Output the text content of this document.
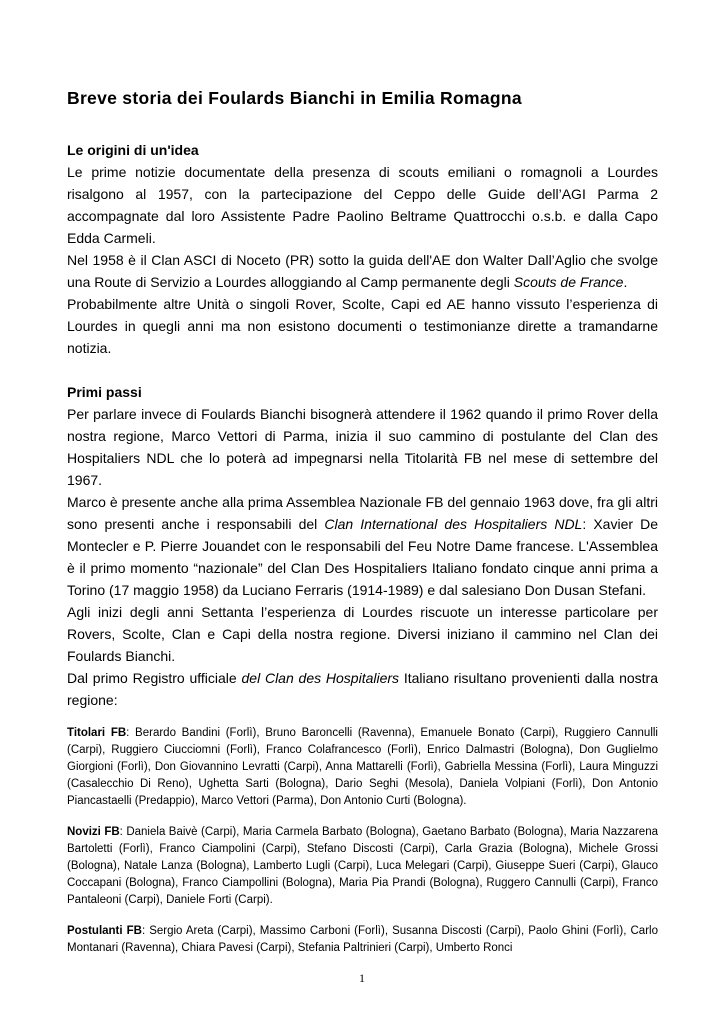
Breve storia dei Foulards Bianchi in Emilia Romagna
Le origini di un'idea

Le prime notizie documentate della presenza di scouts emiliani o romagnoli a Lourdes risalgono al 1957, con la partecipazione del Ceppo delle Guide dell’AGI Parma 2 accompagnate dal loro Assistente Padre Paolino Beltrame Quattrocchi o.s.b. e dalla Capo Edda Carmeli.

Nel 1958 è il Clan ASCI di Noceto (PR) sotto la guida dell'AE don Walter Dall’Aglio che svolge una Route di Servizio a Lourdes alloggiando al Camp permanente degli Scouts de France.

Probabilmente altre Unità o singoli Rover, Scolte, Capi ed AE hanno vissuto l’esperienza di Lourdes in quegli anni ma non esistono documenti o testimonianze dirette a tramandarne notizia.

Primi passi

Per parlare invece di Foulards Bianchi bisognerà attendere il 1962 quando il primo Rover della nostra regione, Marco Vettori di Parma, inizia il suo cammino di postulante del Clan des Hospitaliers NDL che lo poterà ad impegnarsi nella Titolarità FB nel mese di settembre del 1967.

Marco è presente anche alla prima Assemblea Nazionale FB del gennaio 1963 dove, fra gli altri sono presenti anche i responsabili del Clan International des Hospitaliers NDL: Xavier De Montecler e P. Pierre Jouandet con le responsabili del Feu Notre Dame francese. L'Assemblea è il primo momento “nazionale” del Clan Des Hospitaliers Italiano fondato cinque anni prima a Torino (17 maggio 1958) da Luciano Ferraris (1914-1989) e dal salesiano Don Dusan Stefani.

Agli inizi degli anni Settanta l’esperienza di Lourdes riscuote un interesse particolare per Rovers, Scolte, Clan e Capi della nostra regione. Diversi iniziano il cammino nel Clan dei Foulards Bianchi.

Dal primo Registro ufficiale del Clan des Hospitaliers Italiano risultano provenienti dalla nostra regione:

Titolari FB: Berardo Bandini (Forlì), Bruno Baroncelli (Ravenna), Emanuele Bonato (Carpi), Ruggiero Cannulli (Carpi), Ruggiero Ciucciomni (Forlì), Franco Colafrancesco (Forlì), Enrico Dalmastri (Bologna), Don Guglielmo Giorgioni (Forlì), Don Giovannino Levratti (Carpi), Anna Mattarelli (Forlì), Gabriella Messina (Forlì), Laura Minguzzi (Casalecchio Di Reno), Ughetta Sarti (Bologna), Dario Seghi (Mesola), Daniela Volpiani (Forlì), Don Antonio Piancastaelli (Predappio), Marco Vettori (Parma), Don Antonio Curti (Bologna).

Novizi FB: Daniela Baivè (Carpi), Maria Carmela Barbato (Bologna), Gaetano Barbato (Bologna), Maria Nazzarena Bartoletti (Forlì), Franco Ciampolini (Carpi), Stefano Discosti (Carpi), Carla Grazia (Bologna), Michele Grossi (Bologna), Natale Lanza (Bologna), Lamberto Lugli (Carpi), Luca Melegari (Carpi), Giuseppe Sueri (Carpi), Glauco Coccapani (Bologna), Franco Ciampollini (Bologna), Maria Pia Prandi (Bologna), Ruggero Cannulli (Carpi), Franco Pantaleoni (Carpi), Daniele Forti (Carpi).

Postulanti FB: Sergio Areta (Carpi), Massimo Carboni (Forlì), Susanna Discosti (Carpi), Paolo Ghini (Forlì), Carlo Montanari (Ravenna), Chiara Pavesi (Carpi), Stefania Paltrinieri (Carpi), Umberto Ronci

1
